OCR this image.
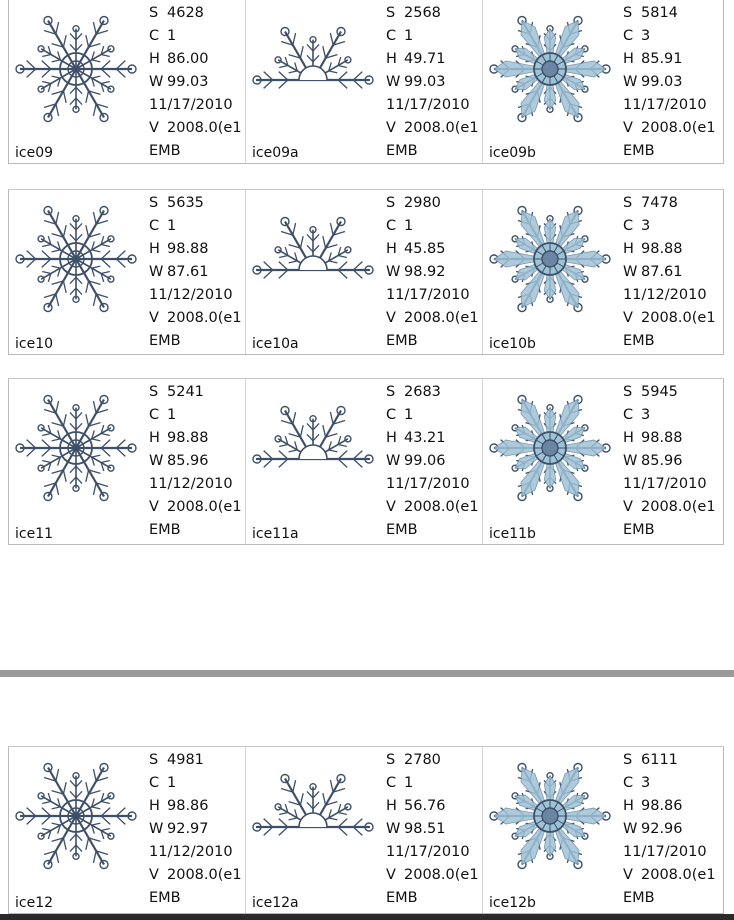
ice09
S 4628
C 1
H 86.00
W 99.03
11/17/2010
V 2008.0(e1
EMB	ice09a
S 2568
C 1
H 49.71
W 99.03
11/17/2010
V 2008.0(e1
EMB	ice09b
S 5814
C 3
H 85.91
W 99.03
11/17/2010
V 2008.0(e1
EMB
ice10
S 5635
C 1
H 98.88
W 87.61
11/12/2010
V 2008.0(e1
EMB	ice10a
S 2980
C 1
H 45.85
W 98.92
11/17/2010
V 2008.0(e1
EMB	ice10b
S 7478
C 3
H 98.88
W 87.61
11/12/2010
V 2008.0(e1
EMB
ice11
S 5241
C 1
H 98.88
W 85.96
11/12/2010
V 2008.0(e1
EMB	ice11a
S 2683
C 1
H 43.21
W 99.06
11/17/2010
V 2008.0(e1
EMB	ice11b
S 5945
C 3
H 98.88
W 85.96
11/17/2010
V 2008.0(e1
EMB
ice12
S 4981
C 1
H 98.86
W 92.97
11/12/2010
V 2008.0(e1
EMB	ice12a
S 2780
C 1
H 56.76
W 98.51
11/17/2010
V 2008.0(e1
EMB	ice12b
S 6111
C 3
H 98.86
W 92.96
11/17/2010
V 2008.0(e1
EMB
